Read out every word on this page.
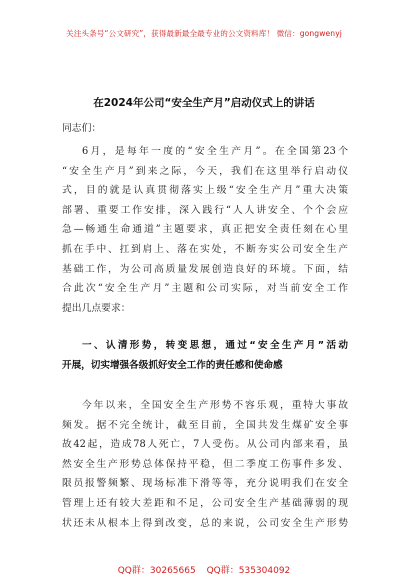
关注头条号“公文研究”，获得最新最全最专业的公文资料库！ 微信：gongwenyj
在2024年公司“安全生产月”启动仪式上的讲话
同志们：
6月，是每年一度的“安全生产月”。在全国第23个
“安全生产月”到来之际，今天，我们在这里举行启动仪
式，目的就是认真贯彻落实上级“安全生产月”重大决策
部署、重要工作安排，深入践行“人人讲安全、个个会应
急—畅通生命通道”主题要求，真正把安全责任刻在心里
抓在手中、扛到肩上、落在实处，不断夯实公司安全生产
基础工作，为公司高质量发展创造良好的环境。下面，结
合此次“安全生产月”主题和公司实际，对当前安全工作
提出几点要求：
一、认清形势，转变思想，通过“安全生产月”活动
开展，切实增强各级抓好安全工作的责任感和使命感
今年以来，全国安全生产形势不容乐观，重特大事故
频发。据不完全统计，截至目前，全国共发生煤矿安全事
故42起，造成78人死亡，7人受伤。从公司内部来看，虽
然安全生产形势总体保持平稳，但二季度工伤事件多发、
限员报警频繁、现场标准下滑等等，充分说明我们在安全
管理上还有较大差距和不足，公司安全生产基础薄弱的现
状还未从根本上得到改变，总的来说，公司安全生产形势
QQ群：30265665 QQ群：535304092
